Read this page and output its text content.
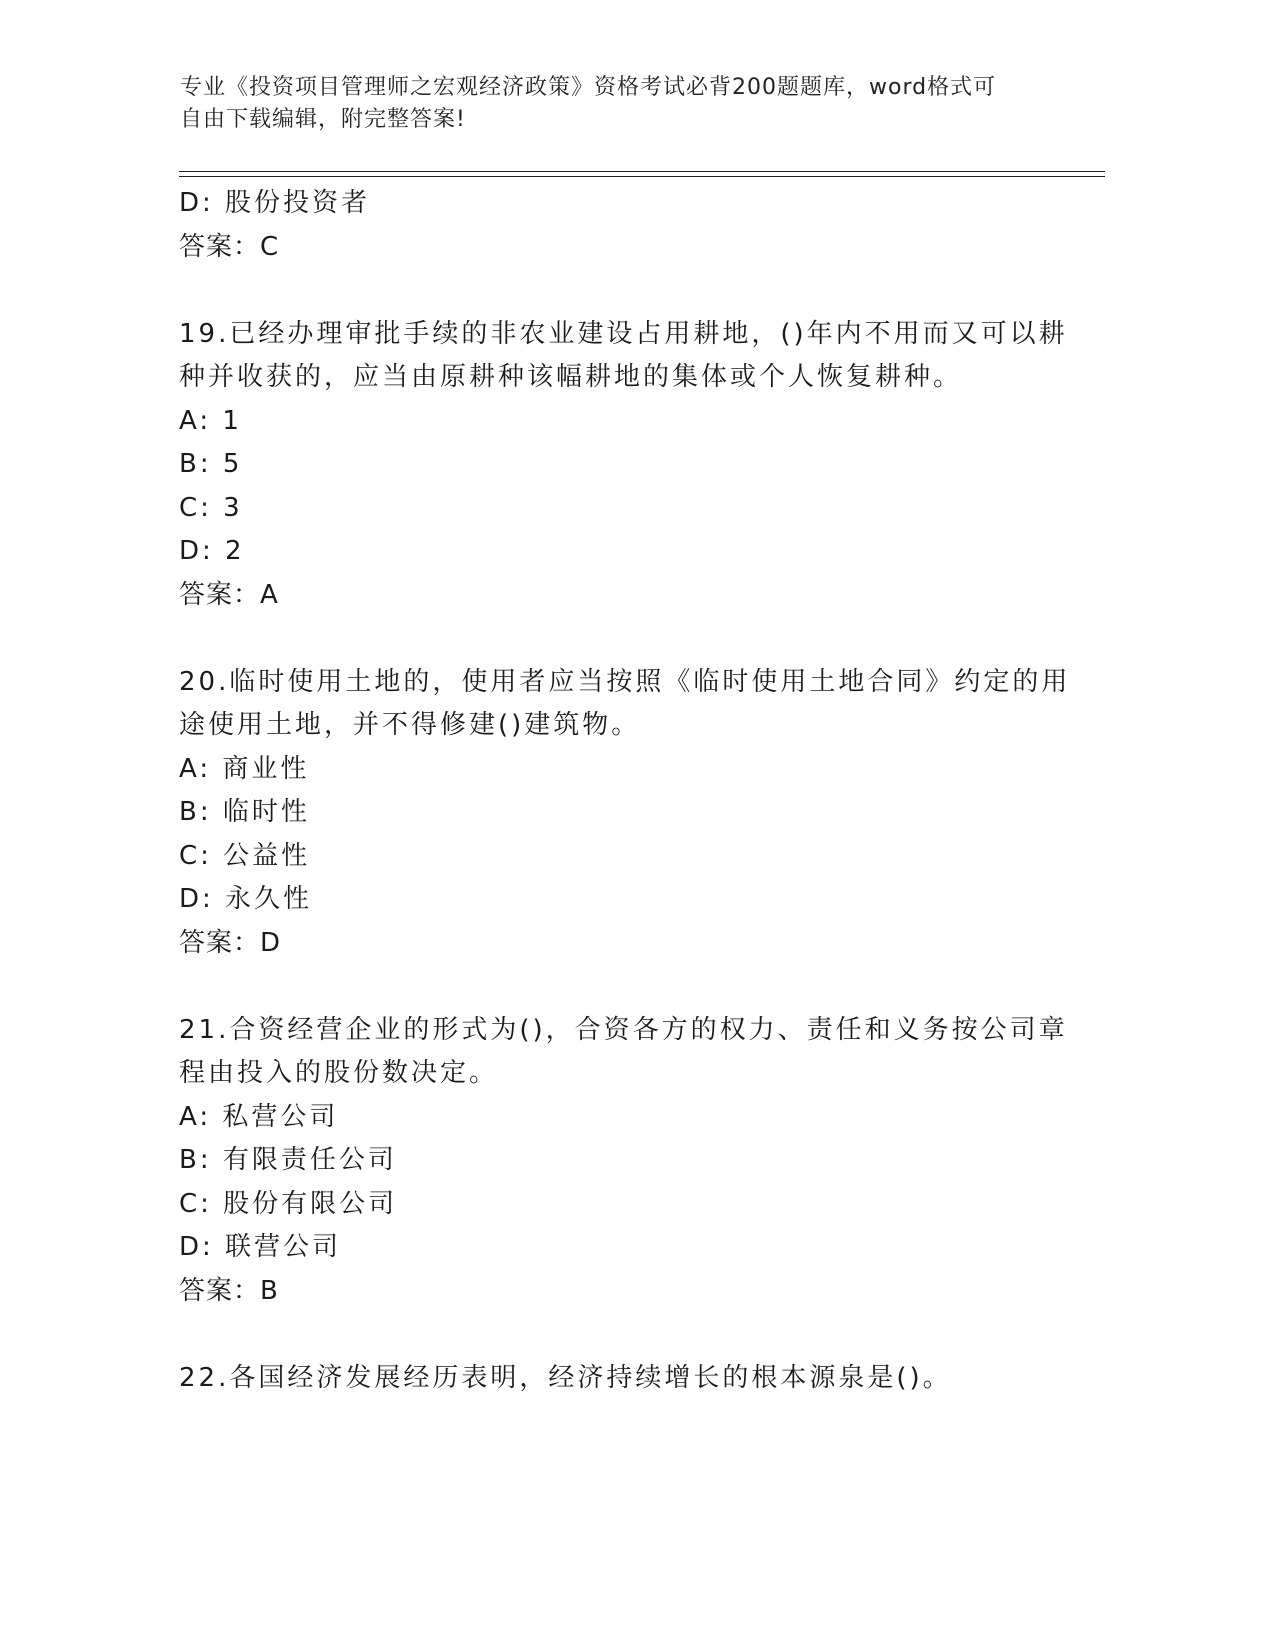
专业《投资项目管理师之宏观经济政策》资格考试必背200题题库，word格式可
自由下载编辑，附完整答案!
D: 股份投资者
答案：C
19.已经办理审批手续的非农业建设占用耕地，()年内不用而又可以耕
种并收获的，应当由原耕种该幅耕地的集体或个人恢复耕种。
A: 1
B: 5
C: 3
D: 2
答案：A
20.临时使用土地的，使用者应当按照《临时使用土地合同》约定的用
途使用土地，并不得修建()建筑物。
A: 商业性
B: 临时性
C: 公益性
D: 永久性
答案：D
21.合资经营企业的形式为()，合资各方的权力、责任和义务按公司章
程由投入的股份数决定。
A: 私营公司
B: 有限责任公司
C: 股份有限公司
D: 联营公司
答案：B
22.各国经济发展经历表明，经济持续增长的根本源泉是()。
